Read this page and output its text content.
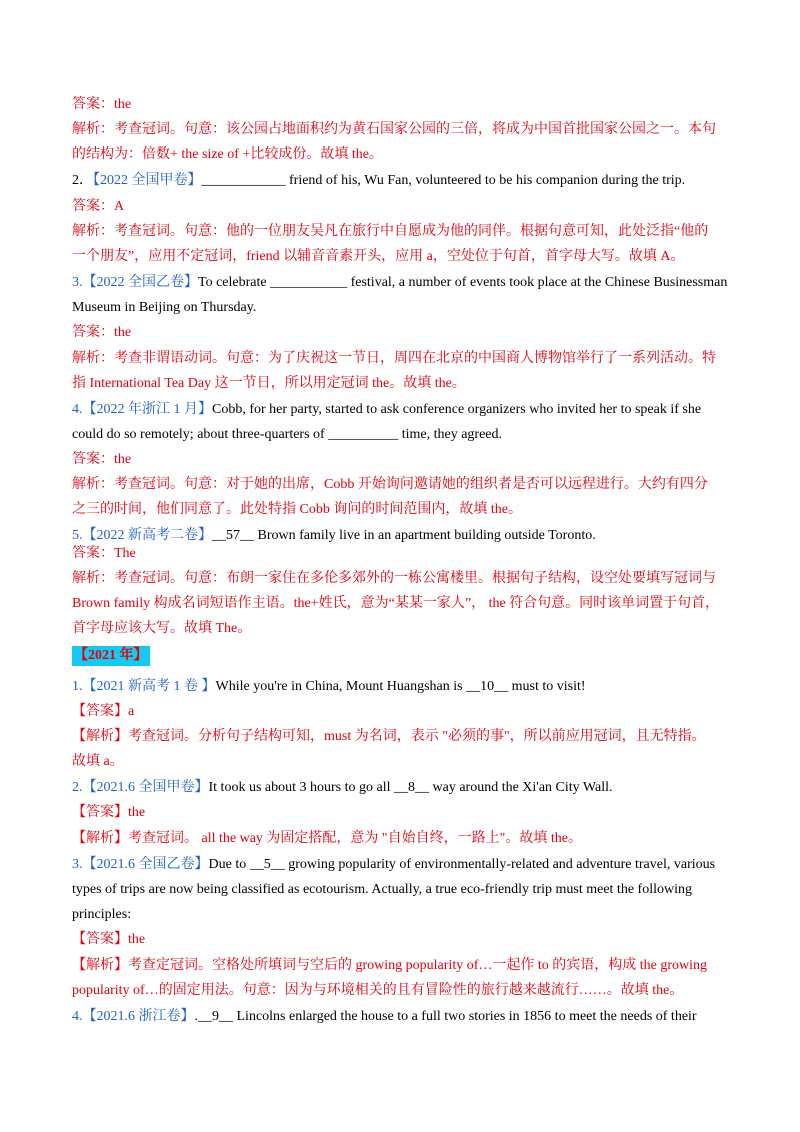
答案：the
解析：考查冠词。句意：该公园占地面积约为黄石国家公园的三倍，将成为中国首批国家公园之一。本句
的结构为：倍数+ the size of +比较成份。故填 the。
2．【2022 全国甲卷】____________ friend of his, Wu Fan, volunteered to be his companion during the trip.
答案：A
解析：考查冠词。句意：他的一位朋友吴凡在旅行中自愿成为他的同伴。根据句意可知，此处泛指“他的
一个朋友”，应用不定冠词，friend 以辅音音素开头，应用 a，空处位于句首，首字母大写。故填 A。
3.【2022 全国乙卷】To celebrate ___________ festival, a number of events took place at the Chinese Businessman
Museum in Beijing on Thursday.
答案：the
解析：考查非谓语动词。句意：为了庆祝这一节日，周四在北京的中国商人博物馆举行了一系列活动。特
指 International Tea Day 这一节日，所以用定冠词 the。故填 the。
4.【2022 年浙江 1 月】Cobb, for her party, started to ask conference organizers who invited her to speak if she
could do so remotely; about three-quarters of __________ time, they agreed.
答案：the
解析：考查冠词。句意：对于她的出席，Cobb 开始询问邀请她的组织者是否可以远程进行。大约有四分
之三的时间，他们同意了。此处特指 Cobb 询问的时间范围内，故填 the。
5.【2022 新高考二卷】__57__ Brown family live in an apartment building outside Toronto.
答案：The
解析：考查冠词。句意：布朗一家住在多伦多郊外的一栋公寓楼里。根据句子结构，设空处要填写冠词与
Brown family 构成名词短语作主语。the+姓氏，意为“某某一家人”， the 符合句意。同时该单词置于句首，
首字母应该大写。故填 The。
【2021 年】
1.【2021 新高考 1 卷 】While you're in China, Mount Huangshan is __10__ must to visit!
【答案】a
【解析】考查冠词。分析句子结构可知，must 为名词，表示 "必须的事"，所以前应用冠词，且无特指。
故填 a。
2.【2021.6 全国甲卷】It took us about 3 hours to go all __8__ way around the Xi'an City Wall.
【答案】the
【解析】考查冠词。 all the way 为固定搭配，意为 "自始自终，一路上"。故填 the。
3.【2021.6 全国乙卷】Due to __5__ growing popularity of environmentally-related and adventure travel, various
types of trips are now being classified as ecotourism. Actually, a true eco-friendly trip must meet the following
principles:
【答案】the
【解析】考查定冠词。空格处所填词与空后的 growing popularity of…一起作 to 的宾语，构成 the growing
popularity of…的固定用法。句意：因为与环境相关的且有冒险性的旅行越来越流行……。故填 the。
4.【2021.6 浙江卷】.__9__ Lincolns enlarged the house to a full two stories in 1856 to meet the needs of their
